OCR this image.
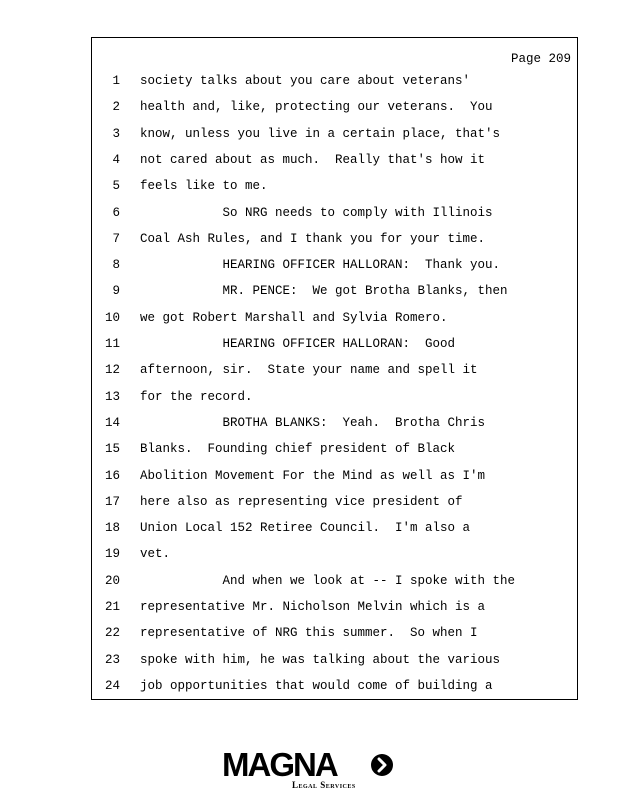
Page 209
1 society talks about you care about veterans'
2 health and, like, protecting our veterans.  You
3 know, unless you live in a certain place, that's
4 not cared about as much.  Really that's how it
5 feels like to me.
6 So NRG needs to comply with Illinois
7 Coal Ash Rules, and I thank you for your time.
8 HEARING OFFICER HALLORAN:  Thank you.
9 MR. PENCE:  We got Brotha Blanks, then
10 we got Robert Marshall and Sylvia Romero.
11 HEARING OFFICER HALLORAN:  Good
12 afternoon, sir.  State your name and spell it
13 for the record.
14 BROTHA BLANKS:  Yeah.  Brotha Chris
15 Blanks.  Founding chief president of Black
16 Abolition Movement For the Mind as well as I'm
17 here also as representing vice president of
18 Union Local 152 Retiree Council.  I'm also a
19 vet.
20 And when we look at -- I spoke with the
21 representative Mr. Nicholson Melvin which is a
22 representative of NRG this summer.  So when I
23 spoke with him, he was talking about the various
24 job opportunities that would come of building a
MAGNA
Legal Services
